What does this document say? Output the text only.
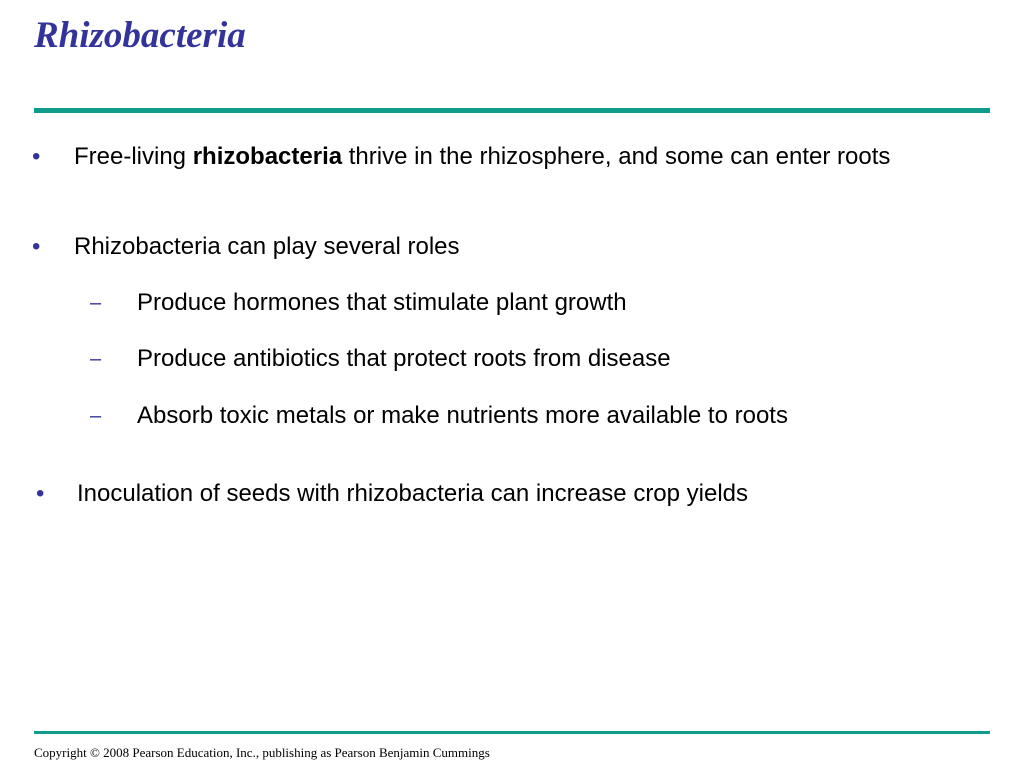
Rhizobacteria
• Free-living rhizobacteria thrive in the rhizosphere, and some can enter roots
• Rhizobacteria can play several roles
– Produce hormones that stimulate plant growth
– Produce antibiotics that protect roots from disease
– Absorb toxic metals or make nutrients more available to roots
• Inoculation of seeds with rhizobacteria can increase crop yields
Copyright © 2008 Pearson Education, Inc., publishing as Pearson Benjamin Cummings
